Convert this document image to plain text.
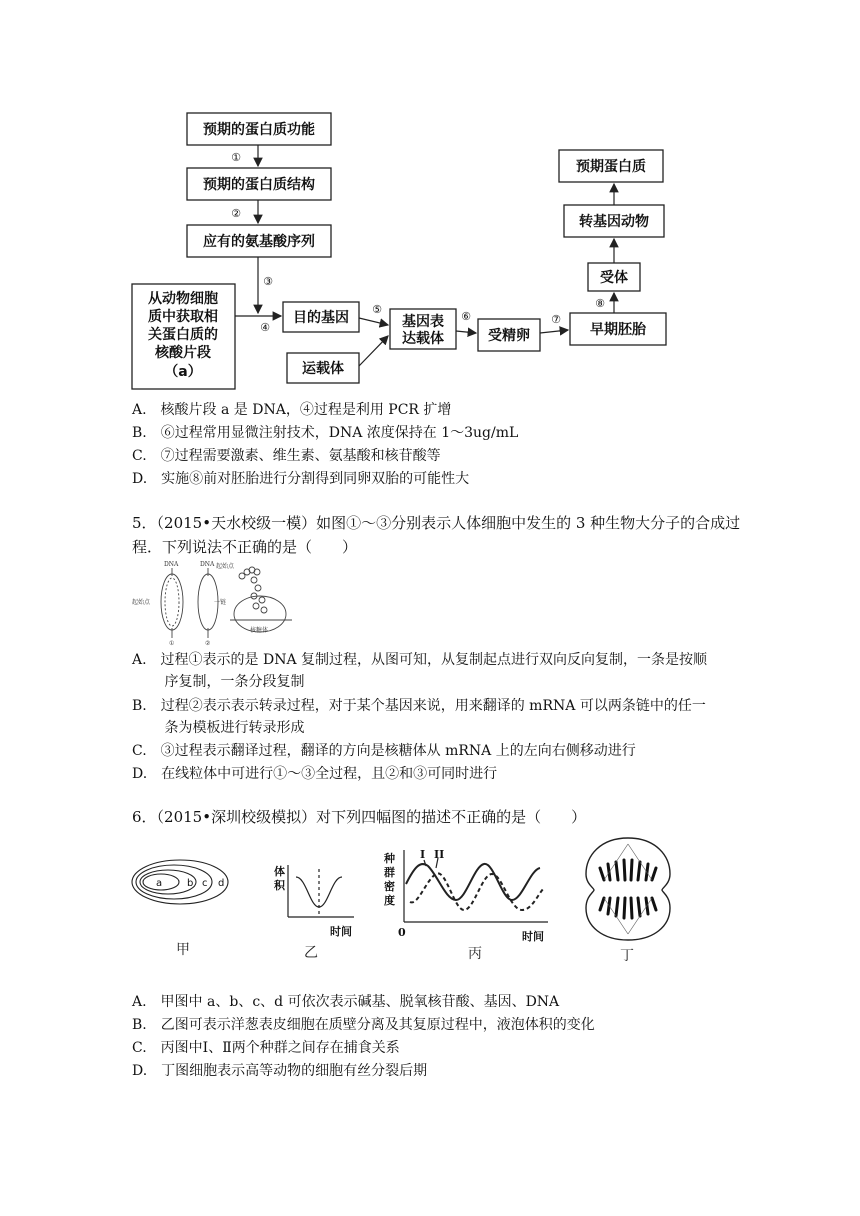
预期的蛋白质功能
预期的蛋白质结构
应有的氨基酸序列
从动物细胞
质中获取相
关蛋白质的
核酸片段
（a）
目的基因	基因表
达载体
运载体
受精卵	早期胚胎
受体
转基因动物
预期蛋白质
①
②
③
④
⑤
⑥	⑦
⑧
A.　核酸片段 a 是 DNA，④过程是利用 PCR 扩增
B.　⑥过程常用显微注射技术，DNA 浓度保持在 1～3ug/mL
C.　⑦过程需要激素、维生素、氨基酸和核苷酸等
D.　实施⑧前对胚胎进行分割得到同卵双胎的可能性大
5．（2015•天水校级一模）如图①～③分别表示人体细胞中发生的 3 种生物大分子的合成过
程．下列说法不正确的是（　　）
DNA	DNA
起始点
起始点
一链
核糖体
①	②
A.　过程①表示的是 DNA 复制过程，从图可知，从复制起点进行双向反向复制，一条是按顺
　　 序复制，一条分段复制
B.　过程②表示表示转录过程，对于某个基因来说，用来翻译的 mRNA 可以两条链中的任一
　　 条为模板进行转录形成
C.　③过程表示翻译过程，翻译的方向是核糖体从 mRNA 上的左向右侧移动进行
D.　在线粒体中可进行①～③全过程，且②和③可同时进行
6．（2015•深圳校级模拟）对下列四幅图的描述不正确的是（　　）
a b c d
甲
体
积
时间
乙
种
群
密
度
I II
0	时间
丙	丁
A.　甲图中 a、b、c、d 可依次表示碱基、脱氧核苷酸、基因、DNA
B.　乙图可表示洋葱表皮细胞在质壁分离及其复原过程中，液泡体积的变化
C.　丙图中Ⅰ、Ⅱ两个种群之间存在捕食关系
D.　丁图细胞表示高等动物的细胞有丝分裂后期
